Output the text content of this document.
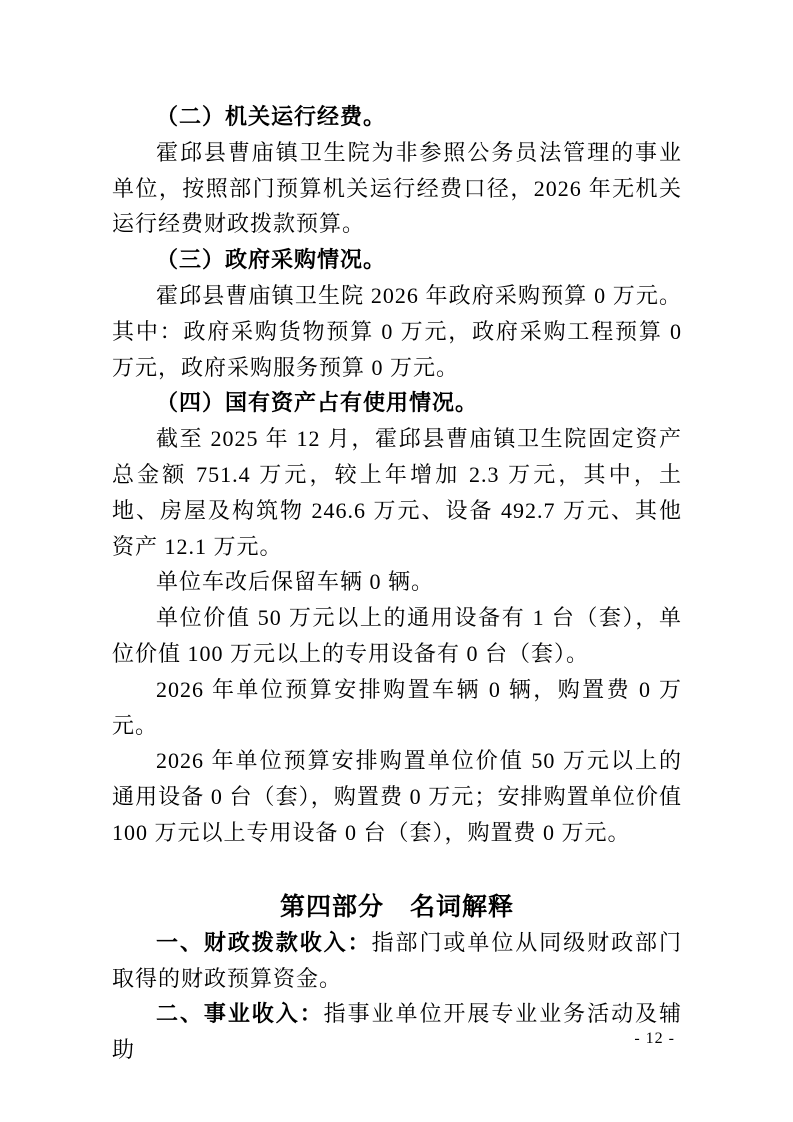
（二）机关运行经费。

霍邱县曹庙镇卫生院为非参照公务员法管理的事业单位，按照部门预算机关运行经费口径，2026 年无机关运行经费财政拨款预算。

（三）政府采购情况。

霍邱县曹庙镇卫生院 2026 年政府采购预算 0 万元。其中：政府采购货物预算 0 万元，政府采购工程预算 0 万元，政府采购服务预算 0 万元。

（四）国有资产占有使用情况。

截至 2025 年 12 月，霍邱县曹庙镇卫生院固定资产总金额 751.4 万元，较上年增加 2.3 万元，其中，土地、房屋及构筑物 246.6 万元、设备 492.7 万元、其他资产 12.1 万元。

单位车改后保留车辆 0 辆。

单位价值 50 万元以上的通用设备有 1 台（套），单位价值 100 万元以上的专用设备有 0 台（套）。

2026 年单位预算安排购置车辆 0 辆，购置费 0 万元。

2026 年单位预算安排购置单位价值 50 万元以上的通用设备 0 台（套），购置费 0 万元；安排购置单位价值 100 万元以上专用设备 0 台（套），购置费 0 万元。

第四部分　名词解释

一、财政拨款收入：指部门或单位从同级财政部门取得的财政预算资金。

二、事业收入：指事业单位开展专业业务活动及辅助	- 12 -
